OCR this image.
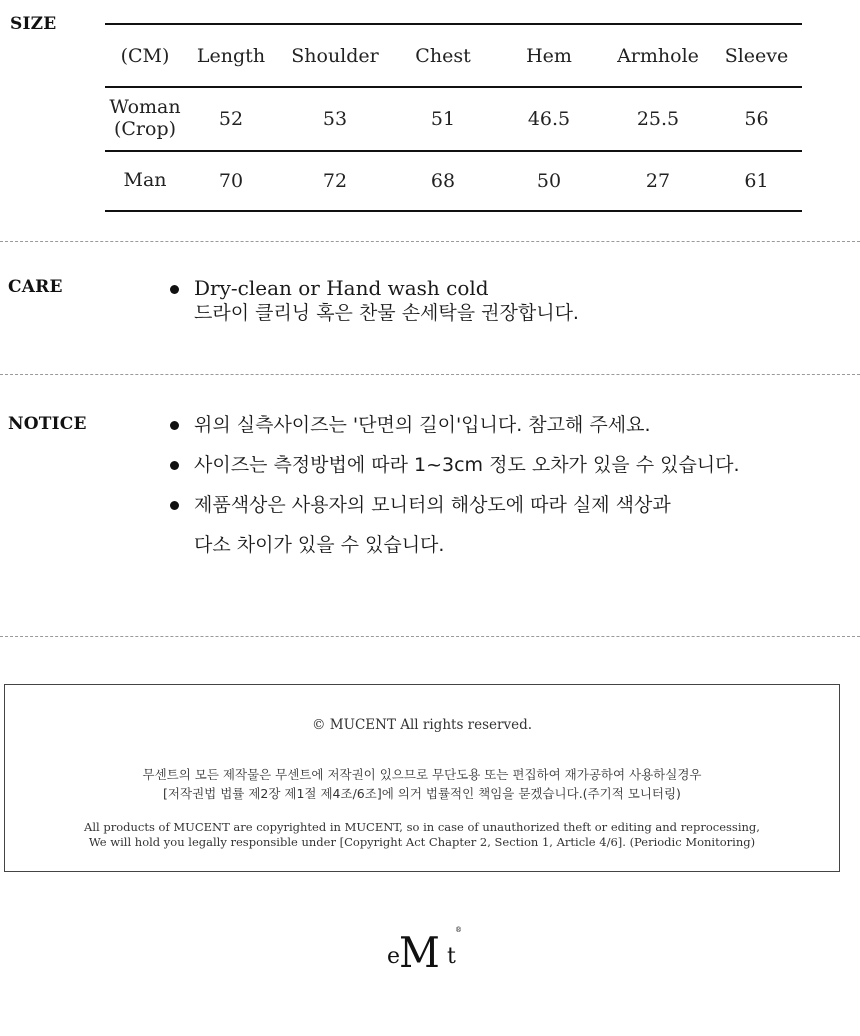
SIZE
(CM)	Length	Shoulder	Chest	Hem	Armhole	Sleeve

Woman
(Crop)	52	53	51	46.5	25.5	56
Man	70	72	68	50	27	61
CARE	Dry-clean or Hand wash cold
드라이 클리닝 혹은 찬물 손세탁을 권장합니다.
NOTICE	위의 실측사이즈는 '단면의 길이'입니다. 참고해 주세요.
사이즈는 측정방법에 따라 1~3cm 정도 오차가 있을 수 있습니다.
제품색상은 사용자의 모니터의 해상도에 따라 실제 색상과
다소 차이가 있을 수 있습니다.
© MUCENT All rights reserved.
무센트의 모든 제작물은 무센트에 저작권이 있으므로 무단도용 또는 편집하여 재가공하여 사용하실경우
[저작권법 법률 제2장 제1절 제4조/6조]에 의거 법률적인 책임을 묻겠습니다.(주기적 모니터링)
All products of MUCENT are copyrighted in MUCENT, so in case of unauthorized theft or editing and reprocessing,
We will hold you legally responsible under [Copyright Act Chapter 2, Section 1, Article 4/6]. (Periodic Monitoring)
e
M t
®
